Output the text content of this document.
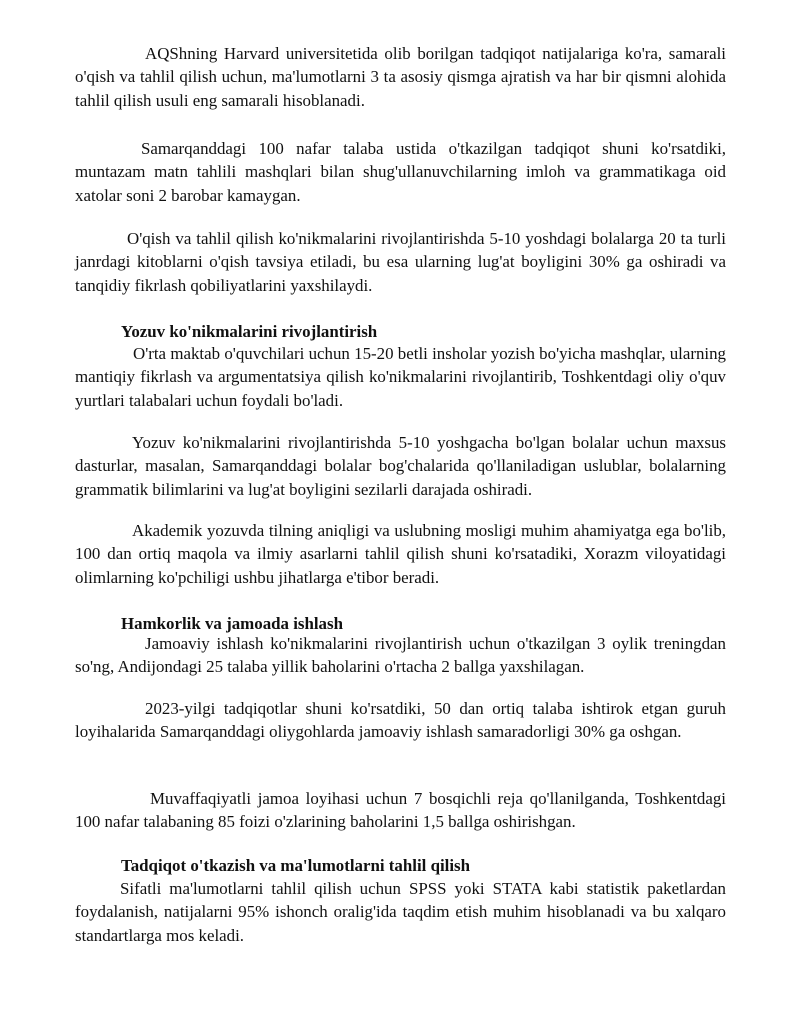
AQShning Harvard universitetida olib borilgan tadqiqot natijalariga ko'ra, samarali o'qish va tahlil qilish uchun, ma'lumotlarni 3 ta asosiy qismga ajratish va har bir qismni alohida tahlil qilish usuli eng samarali hisoblanadi.

Samarqanddagi 100 nafar talaba ustida o'tkazilgan tadqiqot shuni ko'rsatdiki, muntazam matn tahlili mashqlari bilan shug'ullanuvchilarning imloh va grammatikaga oid xatolar soni 2 barobar kamaygan.

O'qish va tahlil qilish ko'nikmalarini rivojlantirishda 5-10 yoshdagi bolalarga 20 ta turli janrdagi kitoblarni o'qish tavsiya etiladi, bu esa ularning lug'at boyligini 30% ga oshiradi va tanqidiy fikrlash qobiliyatlarini yaxshilaydi.

Yozuv ko'nikmalarini rivojlantirish

O'rta maktab o'quvchilari uchun 15-20 betli insholar yozish bo'yicha mashqlar, ularning mantiqiy fikrlash va argumentatsiya qilish ko'nikmalarini rivojlantirib, Toshkentdagi oliy o'quv yurtlari talabalari uchun foydali bo'ladi.

Yozuv ko'nikmalarini rivojlantirishda 5-10 yoshgacha bo'lgan bolalar uchun maxsus dasturlar, masalan, Samarqanddagi bolalar bog'chalarida qo'llaniladigan uslublar, bolalarning grammatik bilimlarini va lug'at boyligini sezilarli darajada oshiradi.

Akademik yozuvda tilning aniqligi va uslubning mosligi muhim ahamiyatga ega bo'lib, 100 dan ortiq maqola va ilmiy asarlarni tahlil qilish shuni ko'rsatadiki, Xorazm viloyatidagi olimlarning ko'pchiligi ushbu jihatlarga e'tibor beradi.

Hamkorlik va jamoada ishlash

Jamoaviy ishlash ko'nikmalarini rivojlantirish uchun o'tkazilgan 3 oylik treningdan so'ng, Andijondagi 25 talaba yillik baholarini o'rtacha 2 ballga yaxshilagan.

2023-yilgi tadqiqotlar shuni ko'rsatdiki, 50 dan ortiq talaba ishtirok etgan guruh loyihalarida Samarqanddagi oliygohlarda jamoaviy ishlash samaradorligi 30% ga oshgan.

Muvaffaqiyatli jamoa loyihasi uchun 7 bosqichli reja qo'llanilganda, Toshkentdagi 100 nafar talabaning 85 foizi o'zlarining baholarini 1,5 ballga oshirishgan.

Tadqiqot o'tkazish va ma'lumotlarni tahlil qilish

Sifatli ma'lumotlarni tahlil qilish uchun SPSS yoki STATA kabi statistik paketlardan foydalanish, natijalarni 95% ishonch oralig'ida taqdim etish muhim hisoblanadi va bu xalqaro standartlarga mos keladi.
